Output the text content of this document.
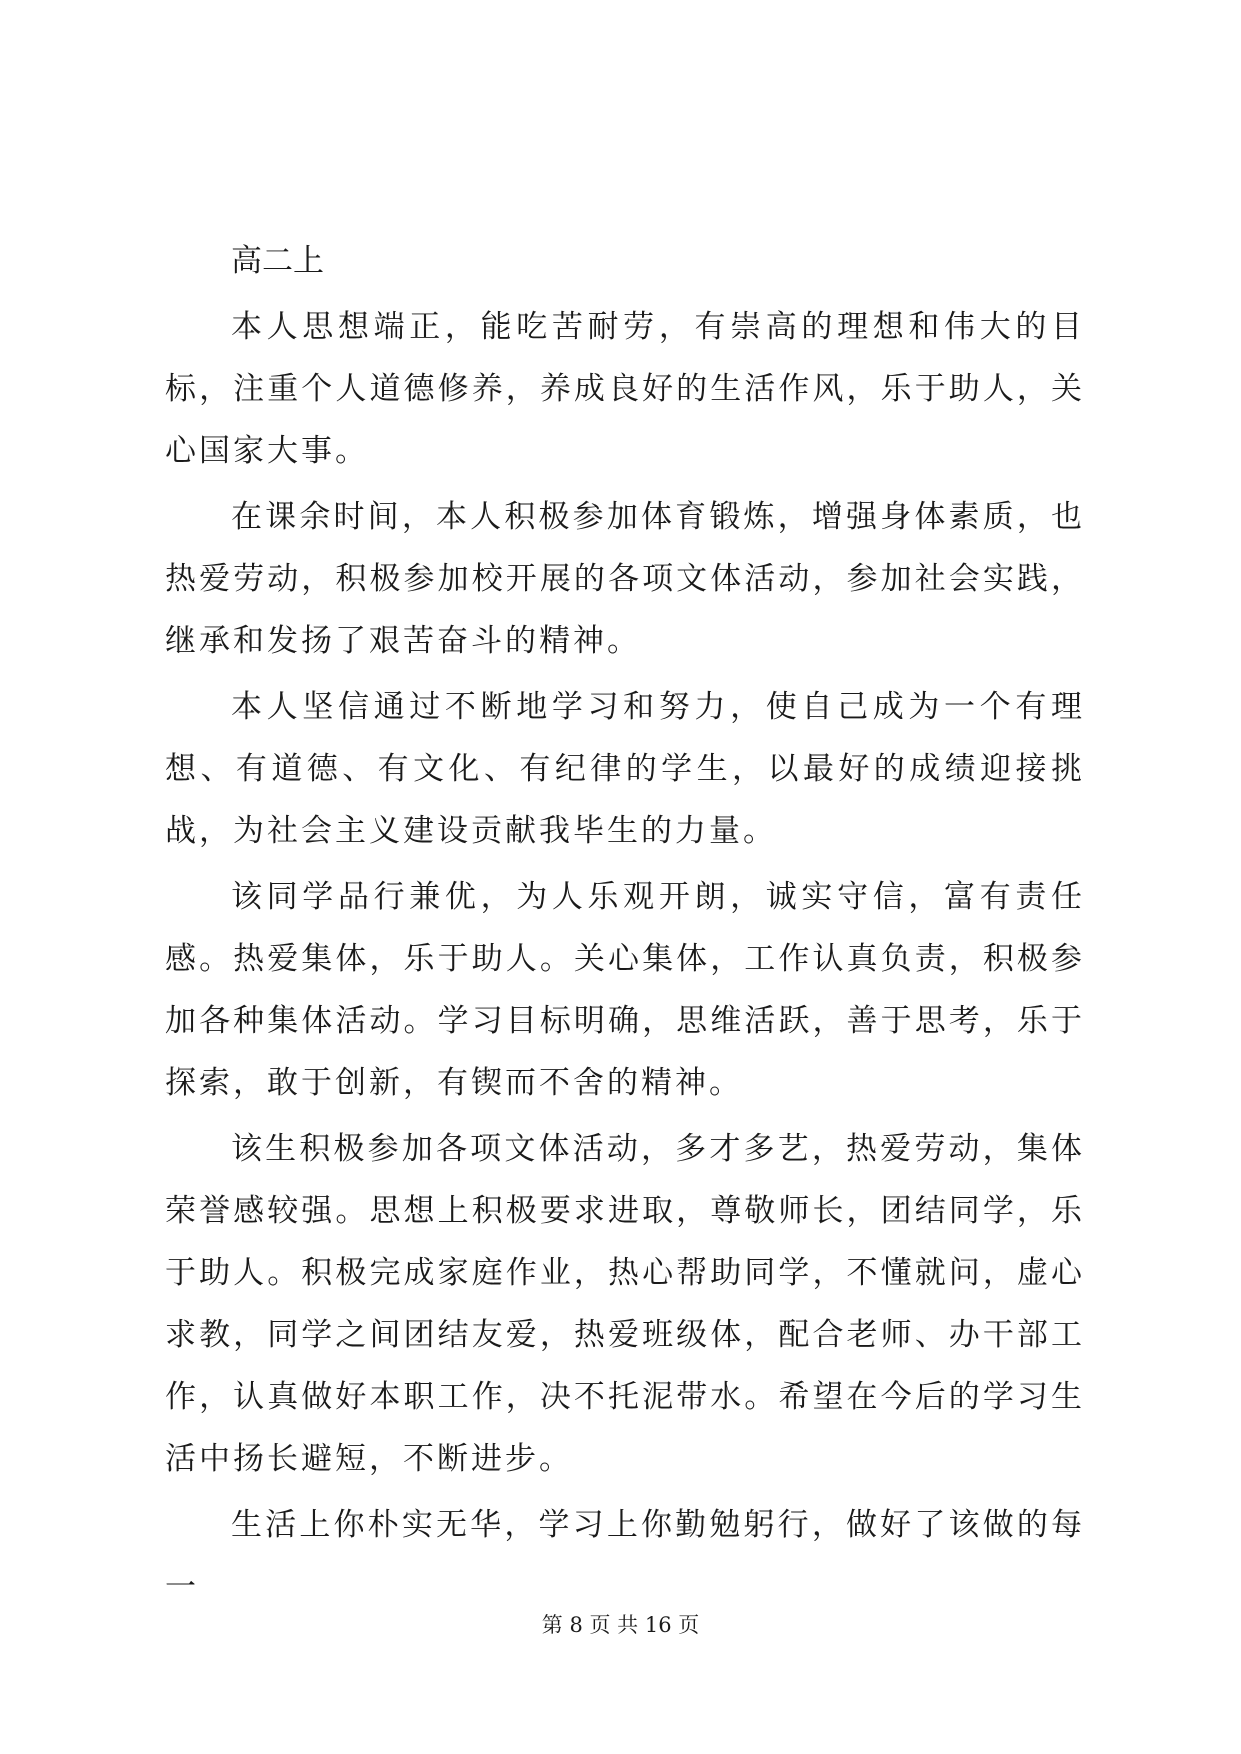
高二上

本人思想端正，能吃苦耐劳，有崇高的理想和伟大的目标，注重个人道德修养，养成良好的生活作风，乐于助人，关心国家大事。

在课余时间，本人积极参加体育锻炼，增强身体素质，也热爱劳动，积极参加校开展的各项文体活动，参加社会实践，继承和发扬了艰苦奋斗的精神。

本人坚信通过不断地学习和努力，使自己成为一个有理想、有道德、有文化、有纪律的学生，以最好的成绩迎接挑战，为社会主义建设贡献我毕生的力量。

该同学品行兼优，为人乐观开朗，诚实守信，富有责任感。热爱集体，乐于助人。关心集体，工作认真负责，积极参加各种集体活动。学习目标明确，思维活跃，善于思考，乐于探索，敢于创新，有锲而不舍的精神。

该生积极参加各项文体活动，多才多艺，热爱劳动，集体荣誉感较强。思想上积极要求进取，尊敬师长，团结同学，乐于助人。积极完成家庭作业，热心帮助同学，不懂就问，虚心求教，同学之间团结友爱，热爱班级体，配合老师、办干部工作，认真做好本职工作，决不托泥带水。希望在今后的学习生活中扬长避短，不断进步。

生活上你朴实无华，学习上你勤勉躬行，做好了该做的每一

第 8 页 共 16 页
